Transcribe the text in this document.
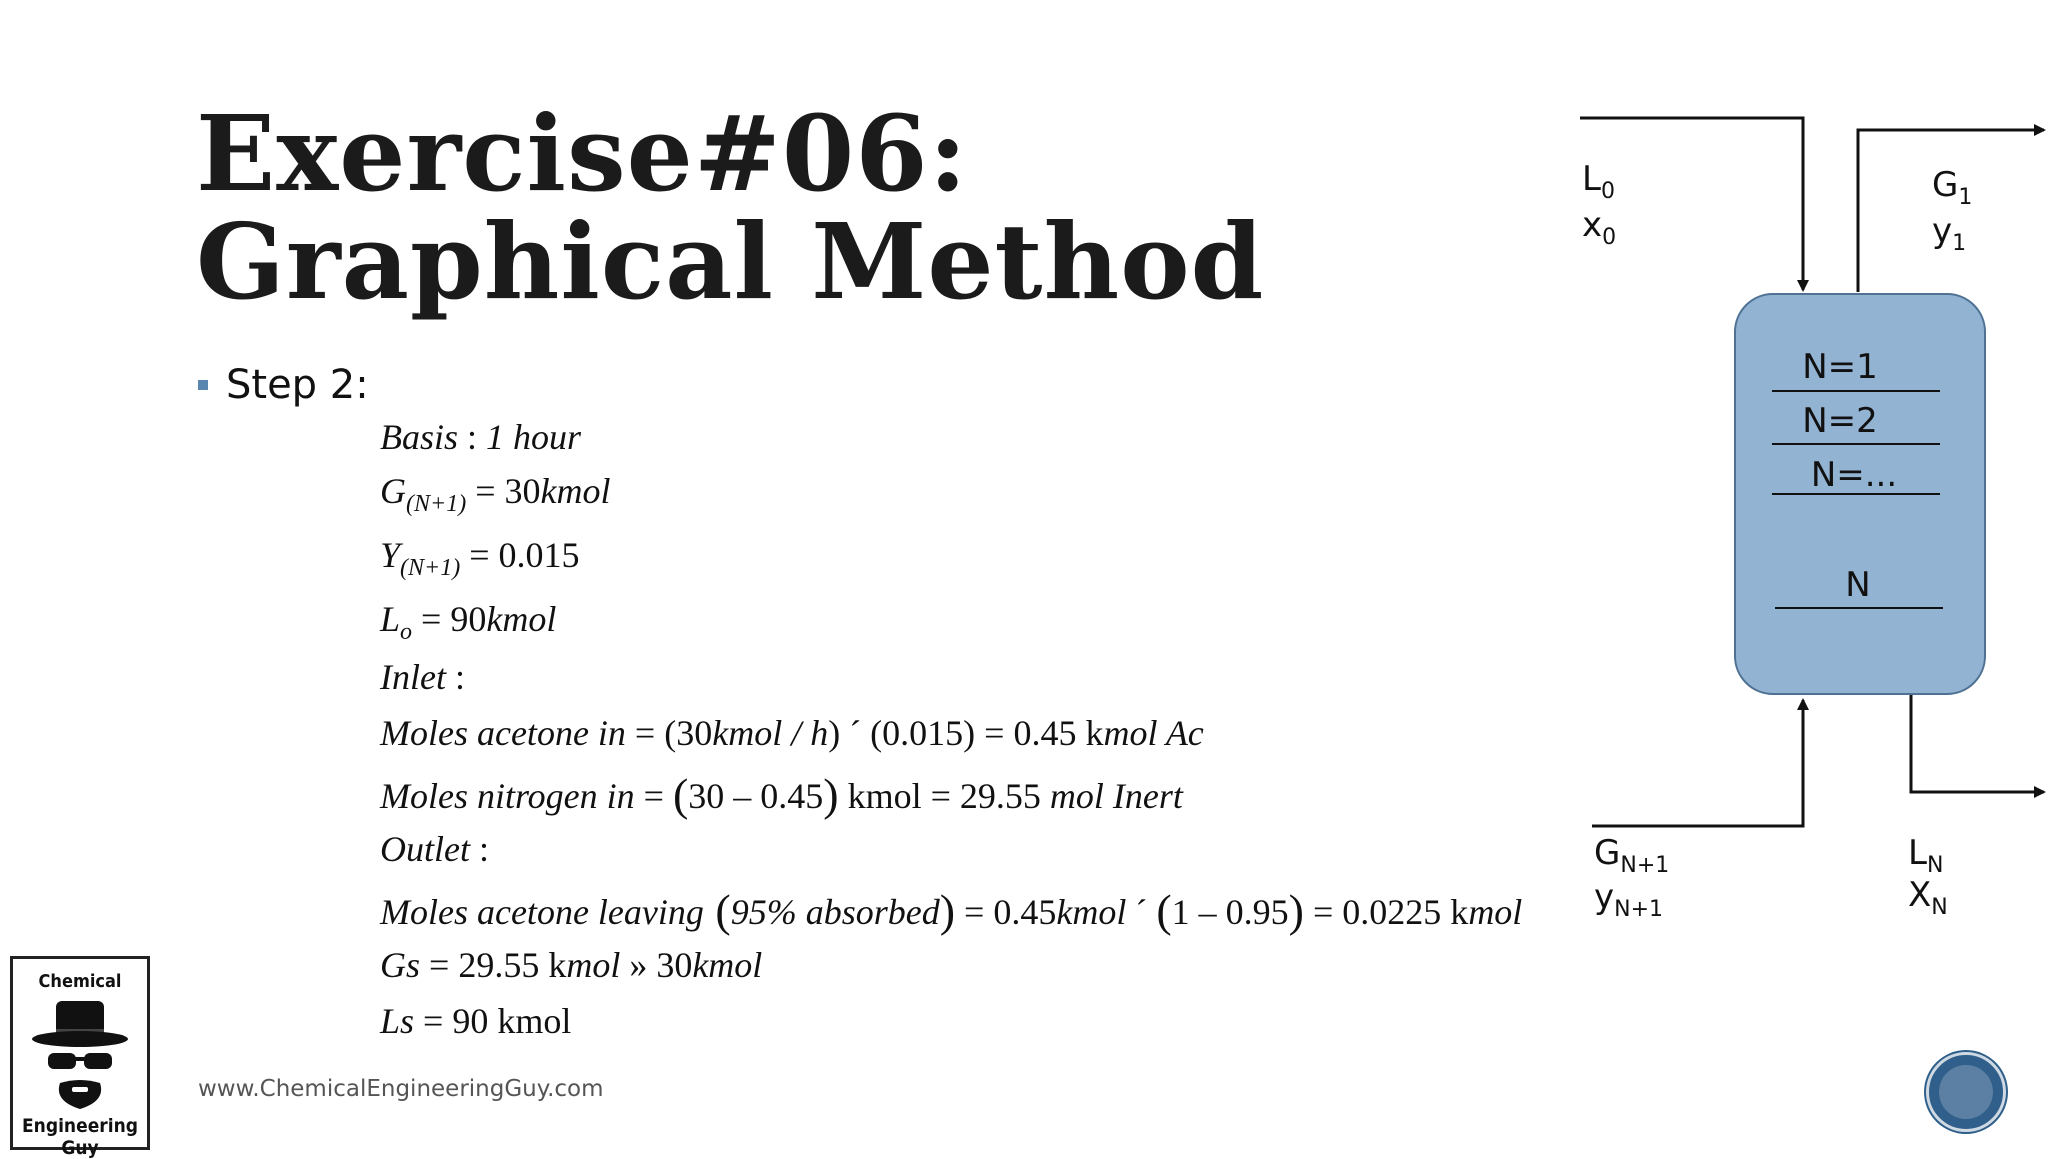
Exercise#06:
Graphical Method
Step 2:
Basis : 1 hour
$G_{(N+1)}$ = 30kmol
$Y_{(N+1)} = 0.015$
$L_o$ = 90kmol
Inlet :
Moles acetone in = (30kmol / h) ´ (0.015) = 0.45 kmol Ac
Moles nitrogen in = (30 – 0.45) kmol = 29.55 mol Inert
Outlet :
Moles acetone leaving (95% absorbed) = 0.45kmol ´ (1 – 0.95) = 0.0225 kmol
Gs = 29.55 kmol » 30kmol
Ls = 90 kmol
N=1
N=2
N=...
N
$L_0$
$x_0$
$G_1$
$y_1$
$G_{N+1}$
$y_{N+1}$
$L_N$
$X_N$
www.ChemicalEngineeringGuy.com
Chemical
Engineering Guy
